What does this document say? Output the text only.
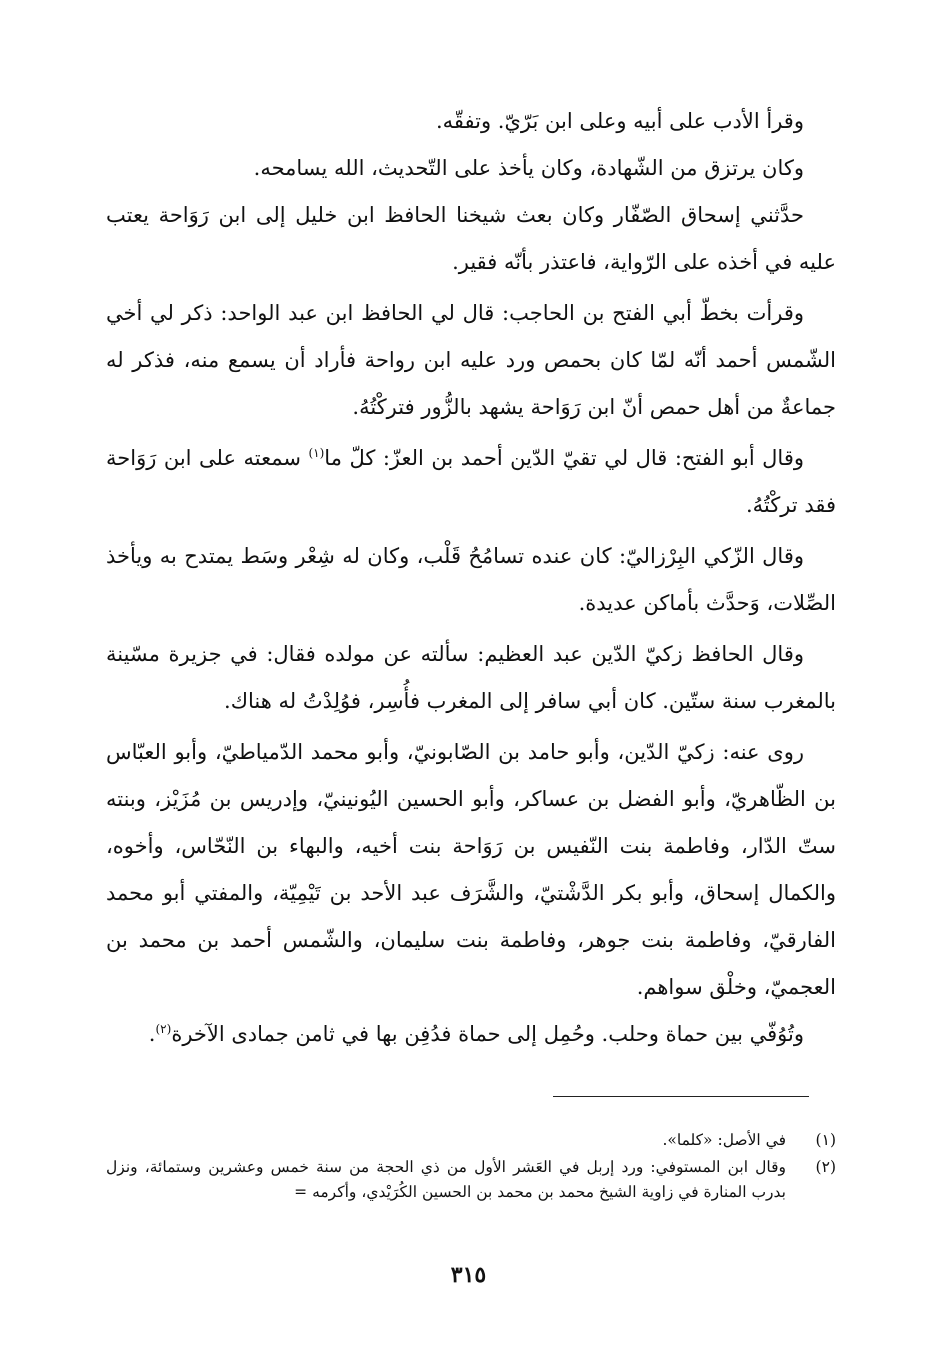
وقرأ الأدب على أبيه وعلى ابن بَرّيّ. وتفقّه.

وكان يرتزق من الشّهادة، وكان يأخذ على التّحديث، الله يسامحه.

حدَّثني إسحاق الصّفّار وكان بعث شيخنا الحافظ ابن خليل إلى ابن رَوَاحة يعتب عليه في أخذه على الرّواية، فاعتذر بأنّه فقير.

وقرأت بخطّ أبي الفتح بن الحاجب: قال لي الحافظ ابن عبد الواحد: ذكر لي أخي الشّمس أحمد أنّه لمّا كان بحمص ورد عليه ابن رواحة فأراد أن يسمع منه، فذكر له جماعةٌ من أهل حمص أنّ ابن رَوَاحة يشهد بالزُّور فتركْتُهُ.

وقال أبو الفتح: قال لي تقيّ الدّين أحمد بن العزّ: كلّ ما$^{(١)}$ سمعته على ابن رَوَاحة فقد تركْتُهُ.

وقال الزّكي البِرْزاليّ: كان عنده تسامُحُ قَلْب، وكان له شِعْر وسَط يمتدح به ويأخذ الصِّلات، وَحدَّث بأماكن عديدة.

وقال الحافظ زكيّ الدّين عبد العظيم: سألته عن مولده فقال: في جزيرة مسّينة بالمغرب سنة ستّين. كان أبي سافر إلى المغرب فأُسِر، فوُلِدْتُ له هناك.

روى عنه: زكيّ الدّين، وأبو حامد بن الصّابونيّ، وأبو محمد الدّمياطيّ، وأبو العبّاس بن الظّاهريّ، وأبو الفضل بن عساكر، وأبو الحسين اليُونينيّ، وإدريس بن مُزَيْز، وبنته ستّ الدّار، وفاطمة بنت النّفيس بن رَوَاحة بنت أخيه، والبهاء بن النّحّاس، وأخوه، والكمال إسحاق، وأبو بكر الدَّشْتيّ، والشَّرَف عبد الأحد بن تَيْمِيّة، والمفتي أبو محمد الفارقيّ، وفاطمة بنت جوهر، وفاطمة بنت سليمان، والشّمس أحمد بن محمد بن العجميّ، وخلْق سواهم.

وتُوُفّي بين حماة وحلب. وحُمِل إلى حماة فدُفِن بها في ثامن جمادى الآخرة$^{(٢)}$.

(١)
في الأصل: «كلما».
(٢)
وقال ابن المستوفي: ورد إربل في العَشر الأول من ذي الحجة من سنة خمس وعشرين وستمائة، ونزل بدرب المنارة في زاوية الشيخ محمد بن محمد بن الحسين الكُرَيْدي، وأكرمه =
٣١٥
